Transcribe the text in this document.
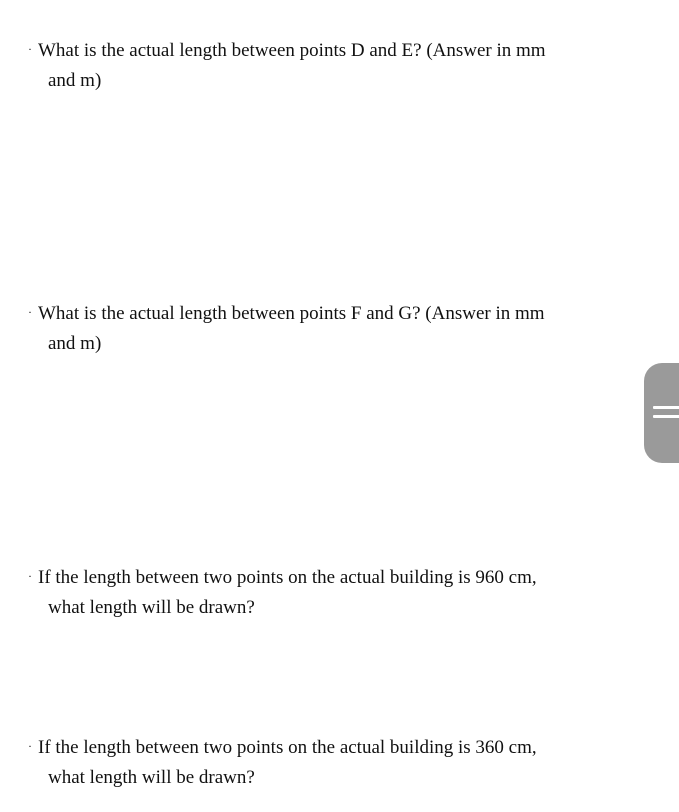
· What is the actual length between points D and E? (Answer in mm
and m)
· What is the actual length between points F and G? (Answer in mm
and m)
· If the length between two points on the actual building is 960 cm,
what length will be drawn?
· If the length between two points on the actual building is 360 cm,
what length will be drawn?
